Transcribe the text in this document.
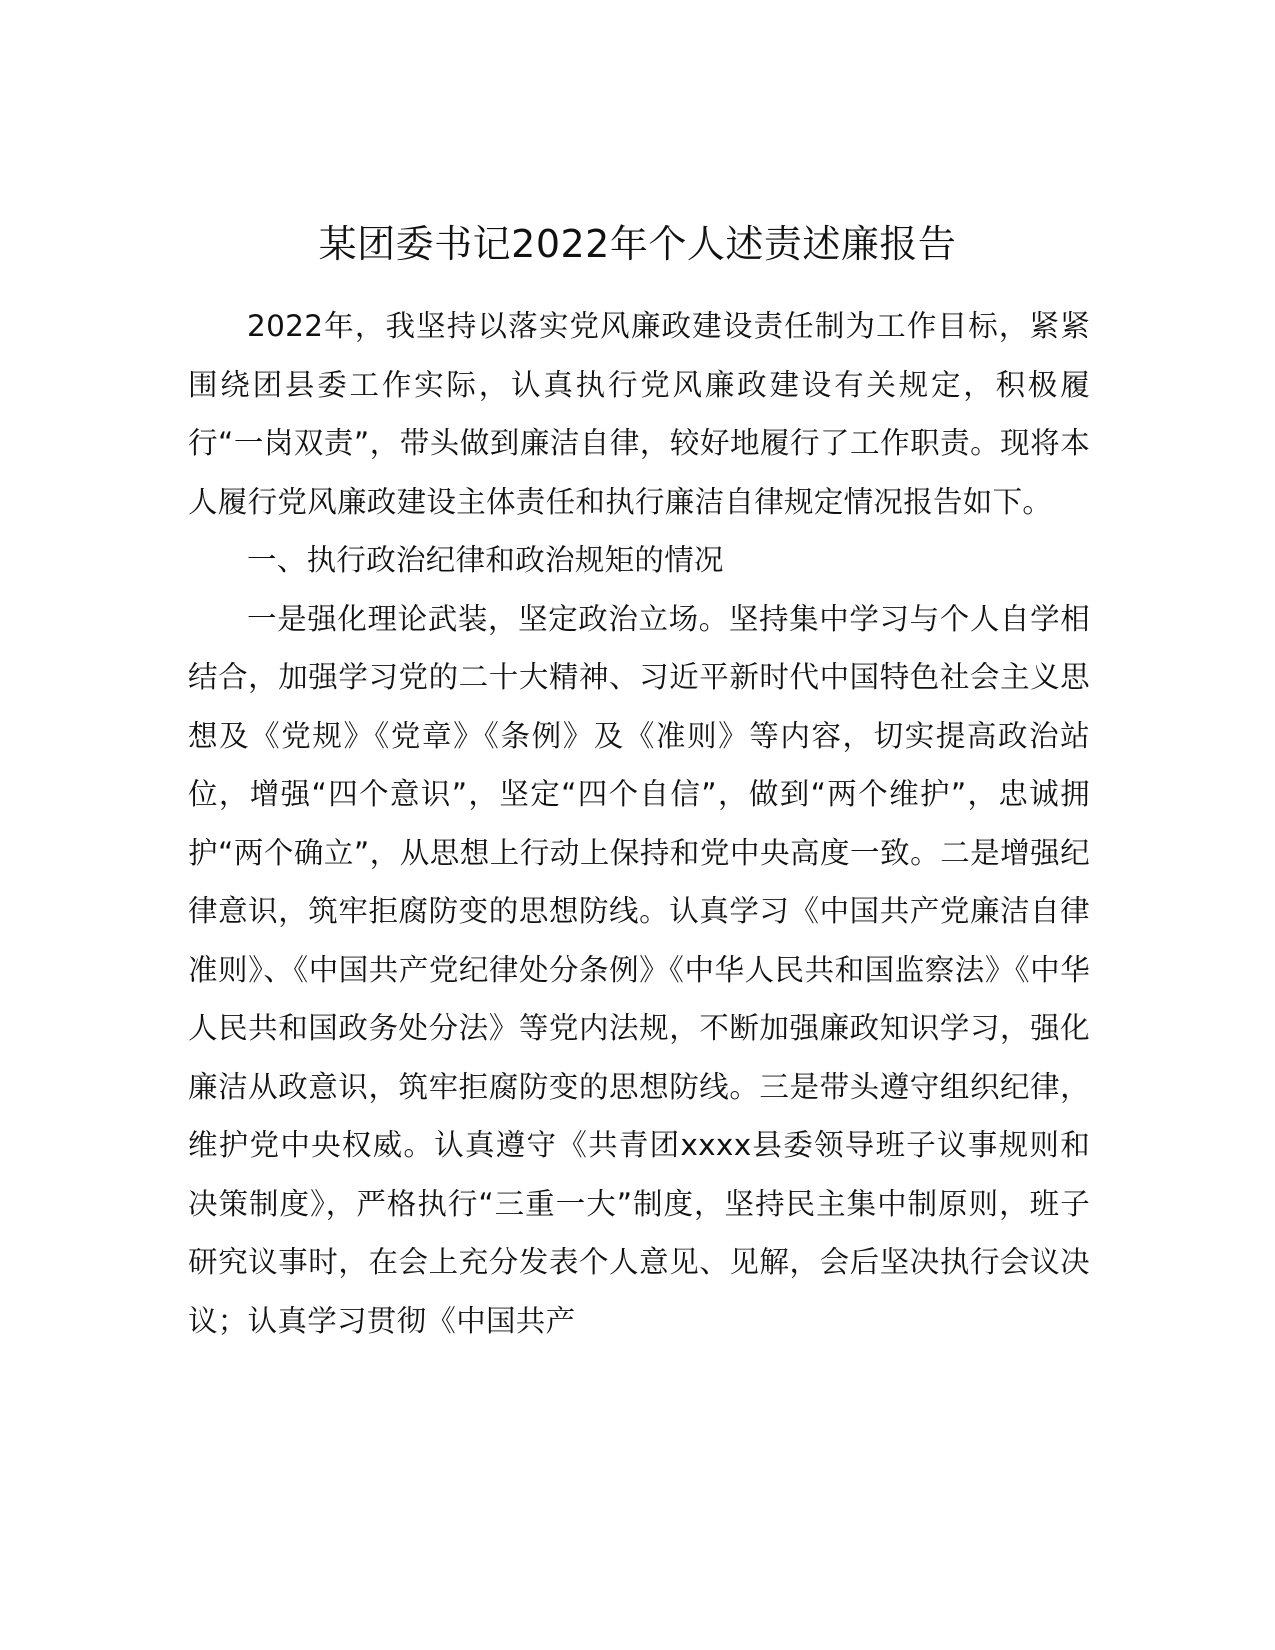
某团委书记2022年个人述责述廉报告

2022年，我坚持以落实党风廉政建设责任制为工作目标，紧紧围绕团县委工作实际，认真执行党风廉政建设有关规定，积极履行“一岗双责”，带头做到廉洁自律，较好地履行了工作职责。现将本人履行党风廉政建设主体责任和执行廉洁自律规定情况报告如下。

一、执行政治纪律和政治规矩的情况

一是强化理论武装，坚定政治立场。坚持集中学习与个人自学相结合，加强学习党的二十大精神、习近平新时代中国特色社会主义思想及《党规》《党章》《条例》及《准则》等内容，切实提高政治站位，增强“四个意识”，坚定“四个自信”，做到“两个维护”，忠诚拥护“两个确立”，从思想上行动上保持和党中央高度一致。二是增强纪律意识，筑牢拒腐防变的思想防线。认真学习《中国共产党廉洁自律准则》、《中国共产党纪律处分条例》《中华人民共和国监察法》《中华人民共和国政务处分法》等党内法规，不断加强廉政知识学习，强化廉洁从政意识，筑牢拒腐防变的思想防线。三是带头遵守组织纪律，维护党中央权威。认真遵守《共青团xxxx县委领导班子议事规则和决策制度》，严格执行“三重一大”制度，坚持民主集中制原则，班子研究议事时，在会上充分发表个人意见、见解，会后坚决执行会议决议；认真学习贯彻《中国共产
